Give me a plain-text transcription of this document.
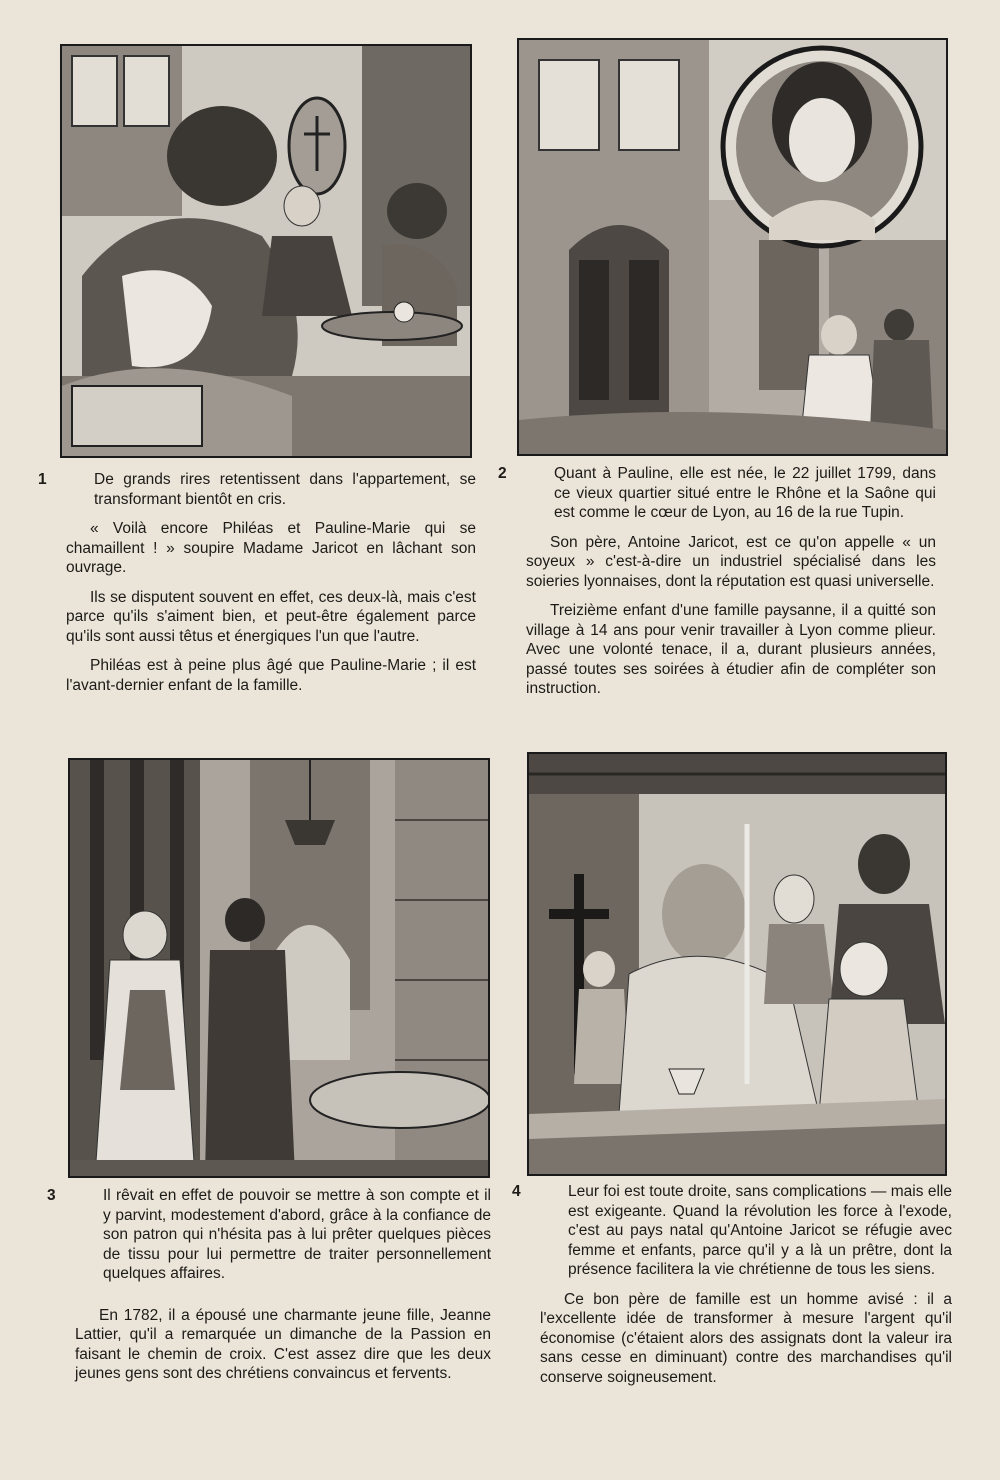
1	De grands rires retentissent dans l'appartement, se transformant bientôt en cris.

« Voilà encore Philéas et Pauline-Marie qui se chamaillent ! » soupire Madame Jaricot en lâchant son ouvrage.

Ils se disputent souvent en effet, ces deux-là, mais c'est parce qu'ils s'aiment bien, et peut-être également parce qu'ils sont aussi têtus et énergiques l'un que l'autre.

Philéas est à peine plus âgé que Pauline-Marie ; il est l'avant-dernier enfant de la famille.

2	Quant à Pauline, elle est née, le 22 juillet 1799, dans ce vieux quartier situé entre le Rhône et la Saône qui est comme le cœur de Lyon, au 16 de la rue Tupin.

Son père, Antoine Jaricot, est ce qu'on appelle « un soyeux » c'est-à-dire un industriel spécialisé dans les soieries lyonnaises, dont la réputation est quasi universelle.

Treizième enfant d'une famille paysanne, il a quitté son village à 14 ans pour venir travailler à Lyon comme plieur. Avec une volonté tenace, il a, durant plusieurs années, passé toutes ses soirées à étudier afin de compléter son instruction.

3	Il rêvait en effet de pouvoir se mettre à son compte et il y parvint, modestement d'abord, grâce à la confiance de son patron qui n'hésita pas à lui prêter quelques pièces de tissu pour lui permettre de traiter personnellement quelques affaires.

En 1782, il a épousé une charmante jeune fille, Jeanne Lattier, qu'il a remarquée un dimanche de la Passion en faisant le chemin de croix. C'est assez dire que les deux jeunes gens sont des chrétiens convaincus et fervents.

4	Leur foi est toute droite, sans complications — mais elle est exigeante. Quand la révolution les force à l'exode, c'est au pays natal qu'Antoine Jaricot se réfugie avec femme et enfants, parce qu'il y a là un prêtre, dont la présence facilitera la vie chrétienne de tous les siens.

Ce bon père de famille est un homme avisé : il a l'excellente idée de transformer à mesure l'argent qu'il économise (c'étaient alors des assignats dont la valeur ira sans cesse en diminuant) contre des marchandises qu'il conserve soigneusement.
